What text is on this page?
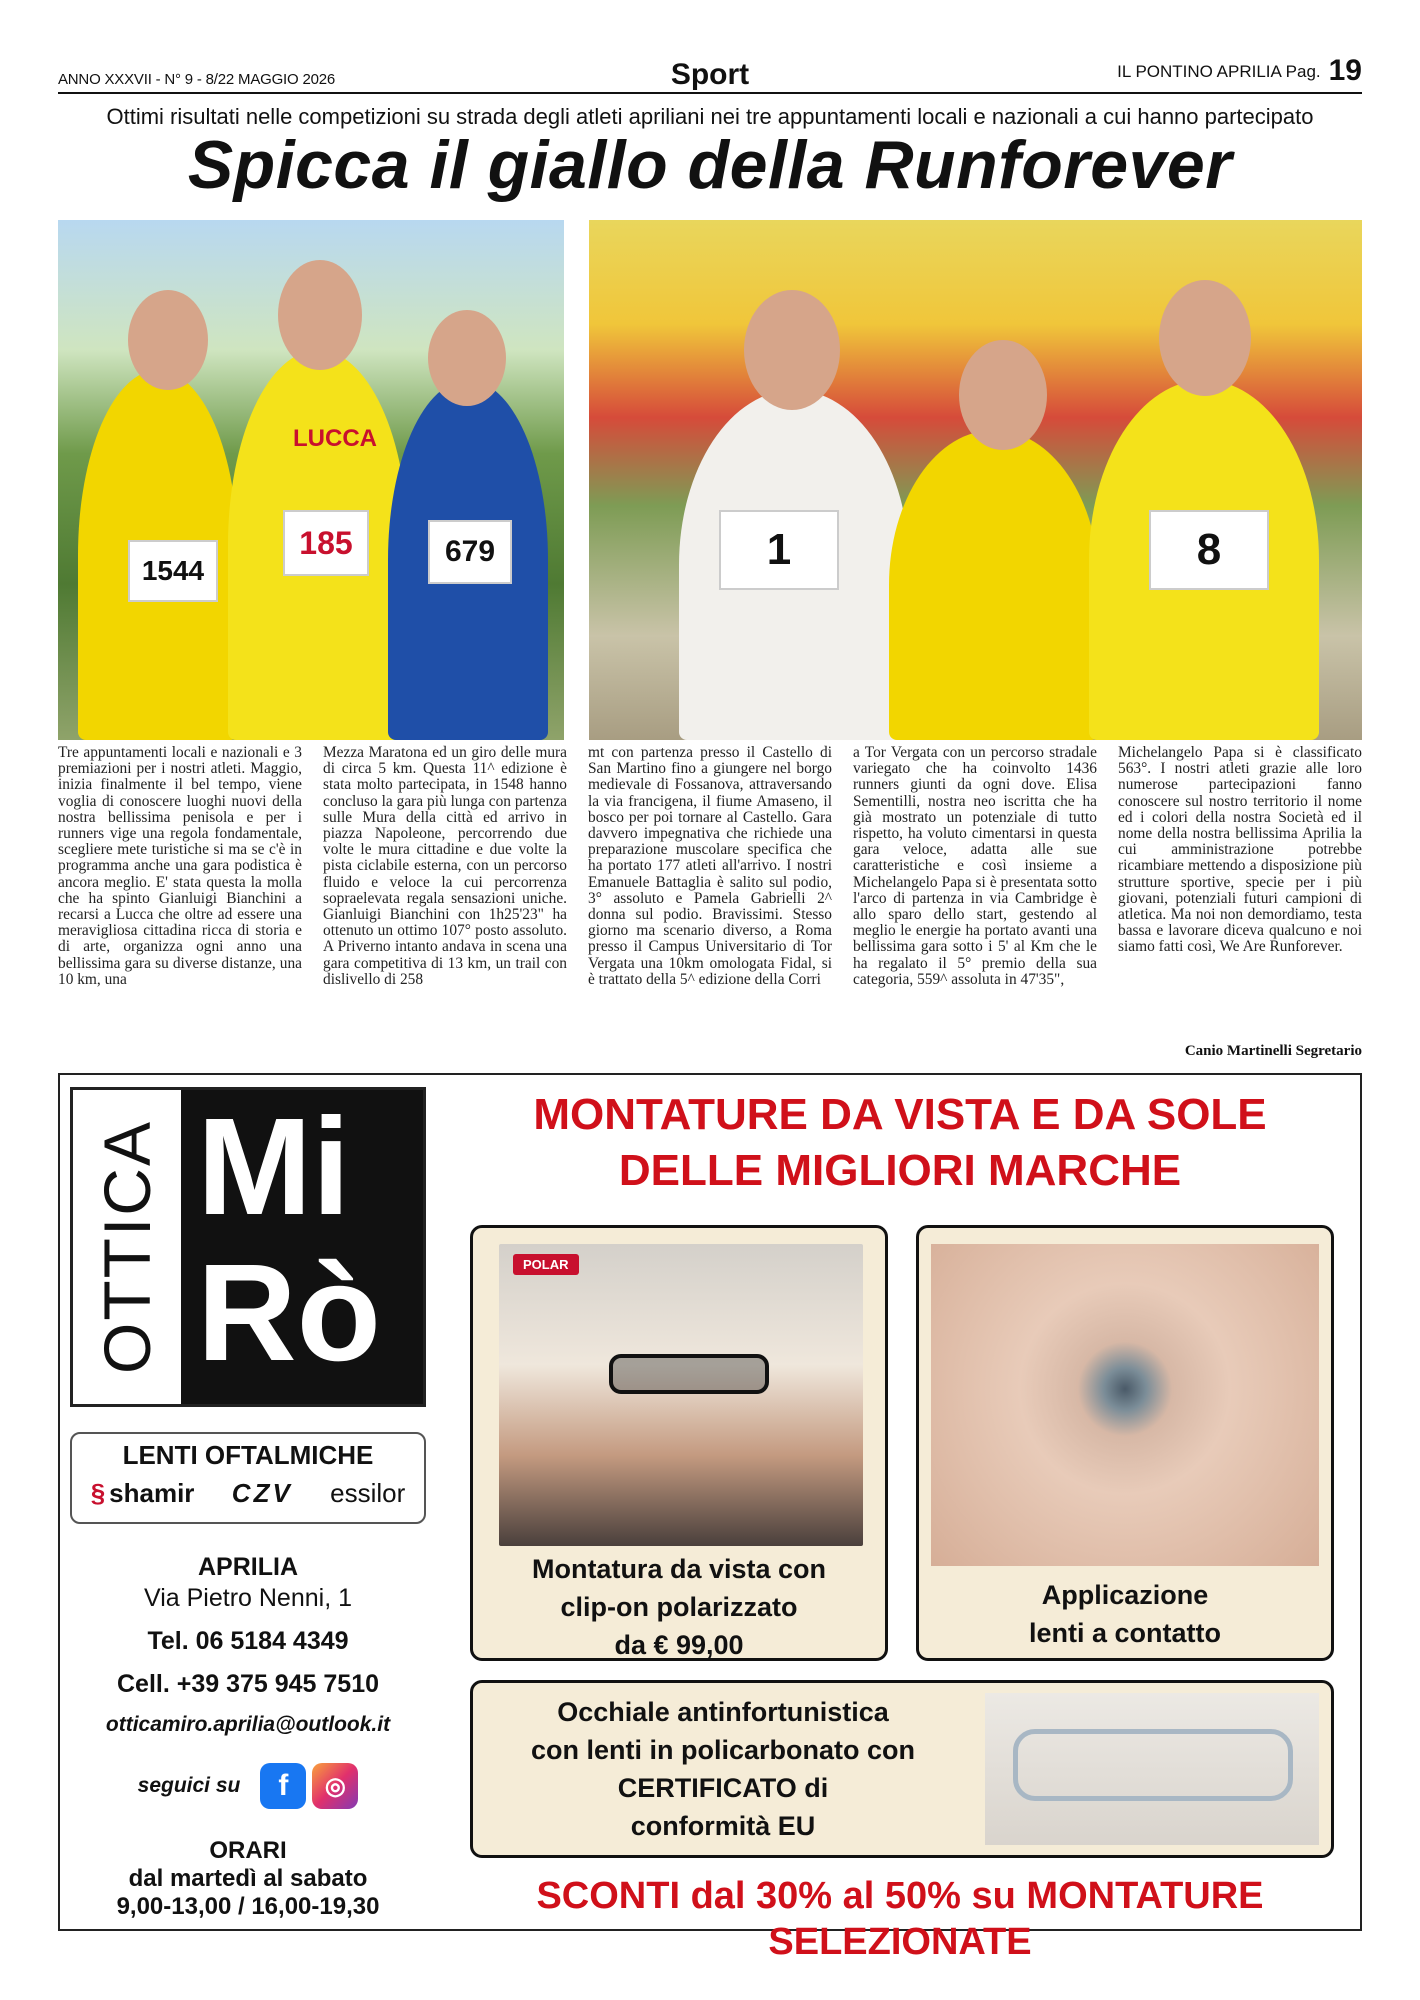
ANNO XXXVII - N° 9 - 8/22 MAGGIO 2026	Sport	IL PONTINO APRILIA Pag. 19
Ottimi risultati nelle competizioni su strada degli atleti apriliani nei tre appuntamenti locali e nazionali a cui hanno partecipato
Spicca il giallo della Runforever
LUCCA
1544
185	679	1	8
Tre appuntamenti locali e nazionali e 3 premiazioni per i nostri atleti. Maggio, inizia finalmente il bel tempo, viene voglia di conoscere luoghi nuovi della nostra bellissima penisola e per i runners vige una regola fondamentale, scegliere mete turistiche si ma se c'è in programma anche una gara podistica è ancora meglio. E' stata questa la molla che ha spinto Gianluigi Bianchini a recarsi a Lucca che oltre ad essere una meravigliosa cittadina ricca di storia e di arte, organizza ogni anno una bellissima gara su diverse distanze, una 10 km, una
Mezza Maratona ed un giro delle mura di circa 5 km. Questa 11^ edizione è stata molto partecipata, in 1548 hanno concluso la gara più lunga con partenza sulle Mura della città ed arrivo in piazza Napoleone, percorrendo due volte le mura cittadine e due volte la pista ciclabile esterna, con un percorso fluido e veloce la cui percorrenza sopraelevata regala sensazioni uniche. Gianluigi Bianchini con 1h25'23" ha ottenuto un ottimo 107° posto assoluto. A Priverno intanto andava in scena una gara competitiva di 13 km, un trail con dislivello di 258
mt con partenza presso il Castello di San Martino fino a giungere nel borgo medievale di Fossanova, attraversando la via francigena, il fiume Amaseno, il bosco per poi tornare al Castello. Gara davvero impegnativa che richiede una preparazione muscolare specifica che ha portato 177 atleti all'arrivo. I nostri Emanuele Battaglia è salito sul podio, 3° assoluto e Pamela Gabrielli 2^ donna sul podio. Bravissimi. Stesso giorno ma scenario diverso, a Roma presso il Campus Universitario di Tor Vergata una 10km omologata Fidal, si è trattato della 5^ edizione della Corri
a Tor Vergata con un percorso stradale variegato che ha coinvolto 1436 runners giunti da ogni dove. Elisa Sementilli, nostra neo iscritta che ha già mostrato un potenziale di tutto rispetto, ha voluto cimentarsi in questa gara veloce, adatta alle sue caratteristiche e così insieme a Michelangelo Papa si è presentata sotto l'arco di partenza in via Cambridge è allo sparo dello start, gestendo al meglio le energie ha portato avanti una bellissima gara sotto i 5' al Km che le ha regalato il 5° premio della sua categoria, 559^ assoluta in 47'35",
Michelangelo Papa si è classificato 563°. I nostri atleti grazie alle loro numerose partecipazioni fanno conoscere sul nostro territorio il nome ed i colori della nostra Società ed il nome della nostra bellissima Aprilia la cui amministrazione potrebbe ricambiare mettendo a disposizione più strutture sportive, specie per i più giovani, potenziali futuri campioni di atletica. Ma noi non demordiamo, testa bassa e lavorare diceva qualcuno e noi siamo fatti così, We Are Runforever.
Canio Martinelli Segretario
OTTICA Mi
Rò
LENTI OFTALMICHE
§ shamir CZV essilor
APRILIA
Via Pietro Nenni, 1
Tel. 06 5184 4349
Cell. +39 375 945 7510
otticamiro.aprilia@outlook.it
seguici su	f	◎
ORARI
dal martedì al sabato
9,00-13,00 / 16,00-19,30
MONTATURE DA VISTA E DA SOLE
DELLE MIGLIORI MARCHE
POLAR
Montatura da vista con
clip-on polarizzato
da € 99,00
Applicazione
lenti a contatto
Occhiale antinfortunistica
con lenti in policarbonato con
CERTIFICATO di
conformità EU
SCONTI dal 30% al 50% su MONTATURE SELEZIONATE
